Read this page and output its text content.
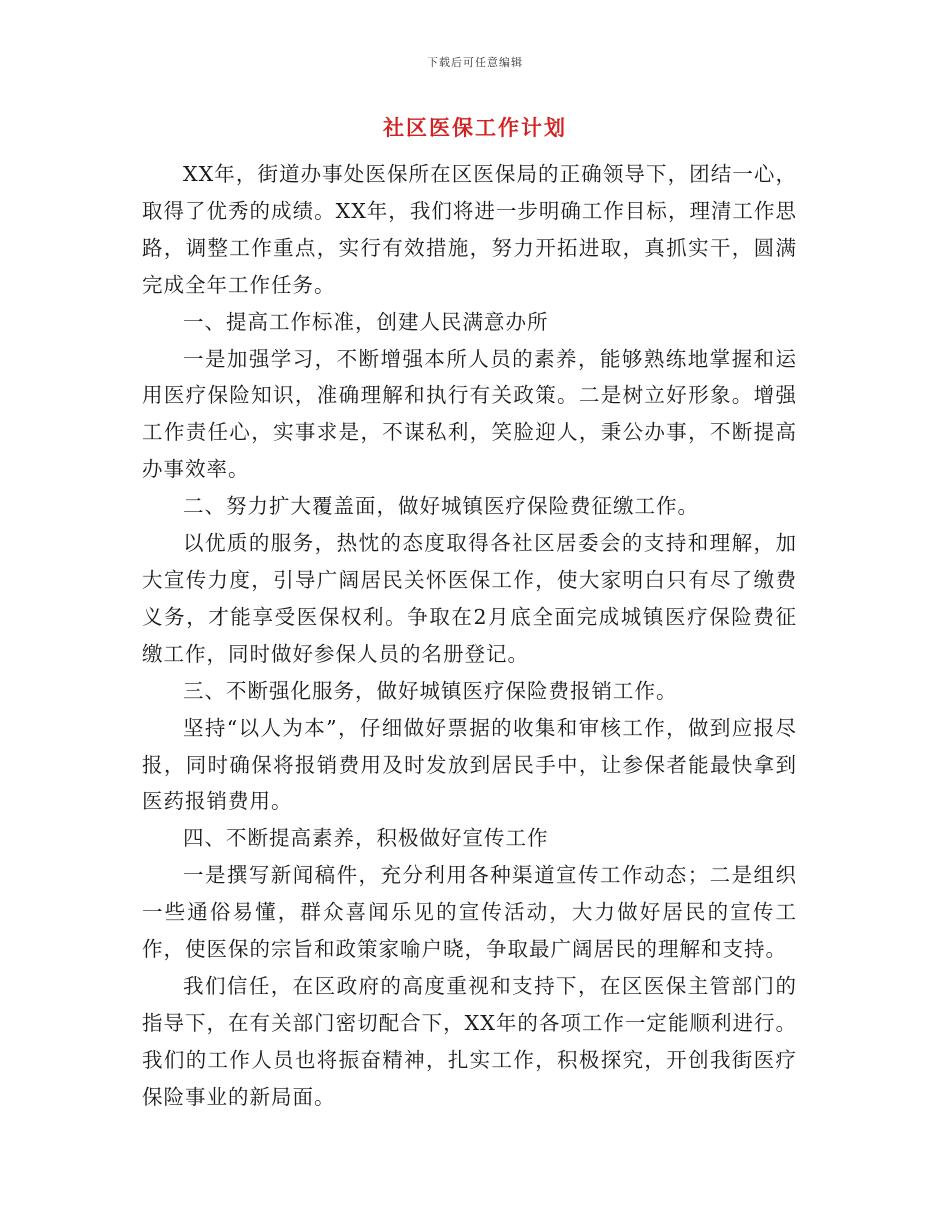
下载后可任意编辑
社区医保工作计划

XX年，街道办事处医保所在区医保局的正确领导下，团结一心，取得了优秀的成绩。XX年，我们将进一步明确工作目标，理清工作思路，调整工作重点，实行有效措施，努力开拓进取，真抓实干，圆满完成全年工作任务。

一、提高工作标准，创建人民满意办所

一是加强学习，不断增强本所人员的素养，能够熟练地掌握和运用医疗保险知识，准确理解和执行有关政策。二是树立好形象。增强工作责任心，实事求是，不谋私利，笑脸迎人，秉公办事，不断提高办事效率。

二、努力扩大覆盖面，做好城镇医疗保险费征缴工作。

以优质的服务，热忱的态度取得各社区居委会的支持和理解，加大宣传力度，引导广阔居民关怀医保工作，使大家明白只有尽了缴费义务，才能享受医保权利。争取在2月底全面完成城镇医疗保险费征缴工作，同时做好参保人员的名册登记。

三、不断强化服务，做好城镇医疗保险费报销工作。

坚持“以人为本”，仔细做好票据的收集和审核工作，做到应报尽报，同时确保将报销费用及时发放到居民手中，让参保者能最快拿到医药报销费用。

四、不断提高素养，积极做好宣传工作

一是撰写新闻稿件，充分利用各种渠道宣传工作动态；二是组织一些通俗易懂，群众喜闻乐见的宣传活动，大力做好居民的宣传工作，使医保的宗旨和政策家喻户晓，争取最广阔居民的理解和支持。

我们信任，在区政府的高度重视和支持下，在区医保主管部门的指导下，在有关部门密切配合下，XX年的各项工作一定能顺利进行。我们的工作人员也将振奋精神，扎实工作，积极探究，开创我街医疗保险事业的新局面。
